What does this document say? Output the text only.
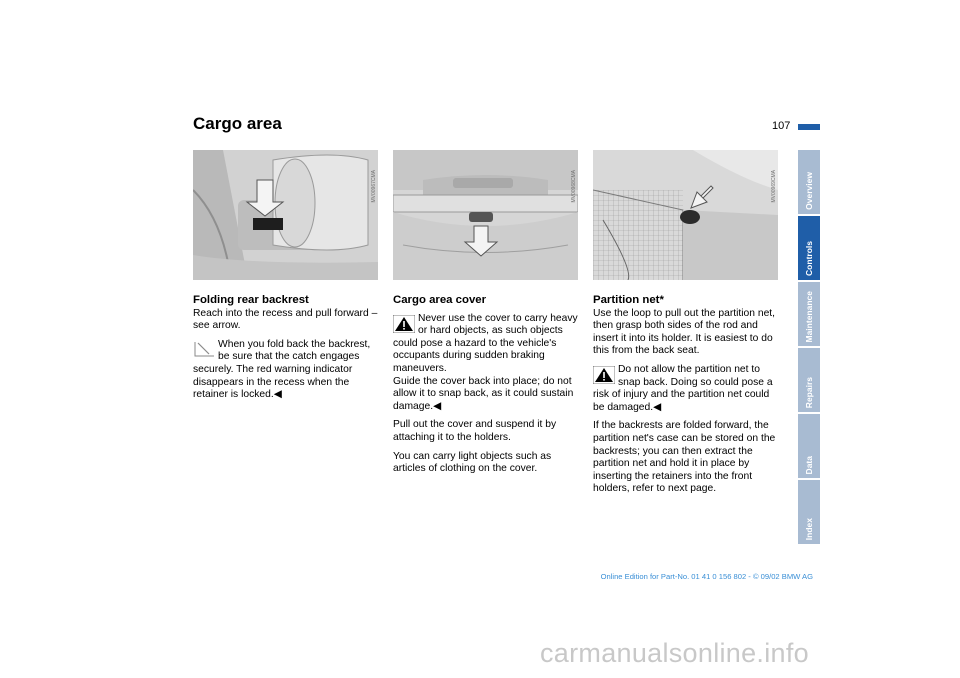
Cargo area	107
MV00967CMA	MV00968CMA	MV00969CMA
Folding rear backrest

Reach into the recess and pull forward – see arrow.

When you fold back the backrest, be sure that the catch engages securely. The red warning indicator disappears in the recess when the retainer is locked.◀

Cargo area cover

Never use the cover to carry heavy or hard objects, as such objects could pose a hazard to the vehicle's occupants during sudden braking maneuvers.

Guide the cover back into place; do not allow it to snap back, as it could sustain damage.◀

Pull out the cover and suspend it by attaching it to the holders.

You can carry light objects such as articles of clothing on the cover.

Partition net*

Use the loop to pull out the partition net, then grasp both sides of the rod and insert it into its holder. It is easiest to do this from the back seat.

Do not allow the partition net to snap back. Doing so could pose a risk of injury and the partition net could be damaged.◀

If the backrests are folded forward, the partition net's case can be stored on the backrests; you can then extract the partition net and hold it in place by inserting the retainers into the front holders, refer to next page.

Overview
Controls
Maintenance
Repairs
Data
Index
Online Edition for Part-No. 01 41 0 156 802 - © 09/02 BMW AG
carmanualsonline.info
